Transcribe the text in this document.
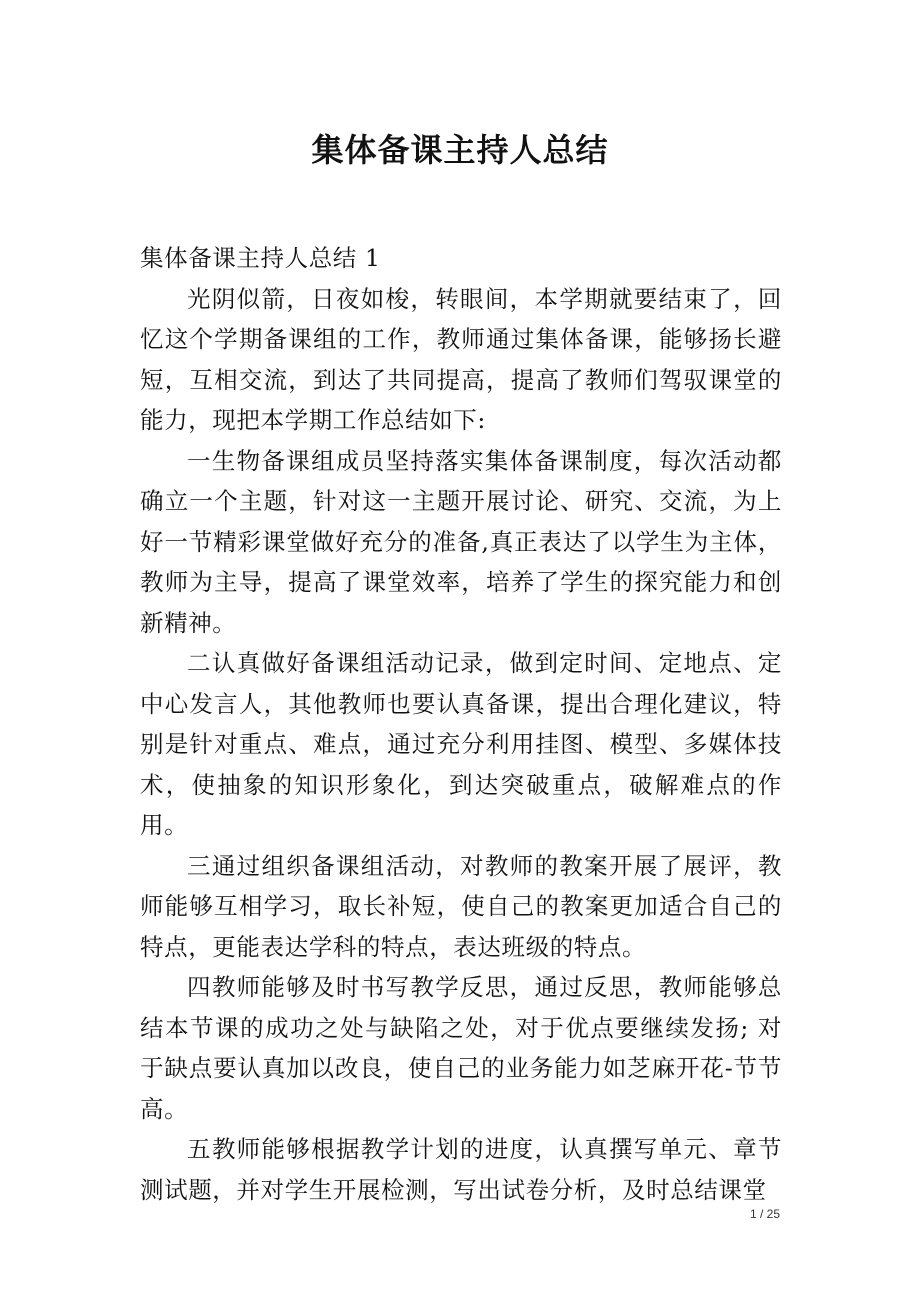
集体备课主持人总结

集体备课主持人总结 1

光阴似箭，日夜如梭，转眼间，本学期就要结束了，回忆这个学期备课组的工作，教师通过集体备课，能够扬长避短，互相交流，到达了共同提高，提高了教师们驾驭课堂的能力，现把本学期工作总结如下:

一生物备课组成员坚持落实集体备课制度，每次活动都确立一个主题，针对这一主题开展讨论、研究、交流，为上好一节精彩课堂做好充分的准备,真正表达了以学生为主体，教师为主导，提高了课堂效率，培养了学生的探究能力和创新精神。

二认真做好备课组活动记录，做到定时间、定地点、定中心发言人，其他教师也要认真备课，提出合理化建议，特别是针对重点、难点，通过充分利用挂图、模型、多媒体技术，使抽象的知识形象化，到达突破重点，破解难点的作用。

三通过组织备课组活动，对教师的教案开展了展评，教师能够互相学习，取长补短，使自己的教案更加适合自己的特点，更能表达学科的特点，表达班级的特点。

四教师能够及时书写教学反思，通过反思，教师能够总结本节课的成功之处与缺陷之处，对于优点要继续发扬; 对于缺点要认真加以改良，使自己的业务能力如芝麻开花-节节高。

五教师能够根据教学计划的进度，认真撰写单元、章节测试题，并对学生开展检测，写出试卷分析，及时总结课堂

1 / 25
